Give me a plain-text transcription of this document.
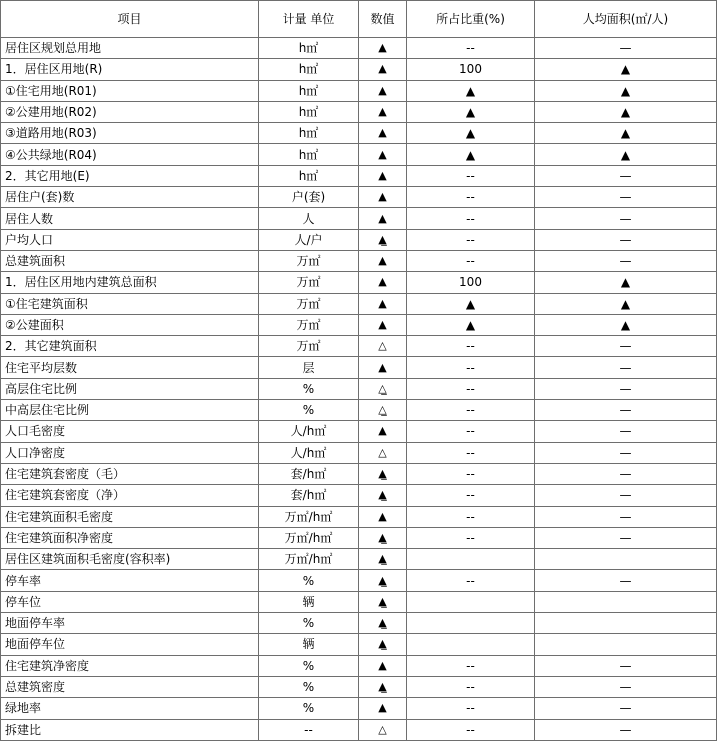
项目	计量 单位	数值	所占比重(%)	人均面积(㎡/人)
居住区规划总用地	h㎡	▲	--	—
1．居住区用地(R)	h㎡	▲	100	▲
①住宅用地(R01)	h㎡	▲	▲	▲
②公建用地(R02)	h㎡	▲	▲	▲
③道路用地(R03)	h㎡	▲	▲	▲
④公共绿地(R04)	h㎡	▲	▲	▲
2．其它用地(E)	h㎡	▲	--	—
居住户(套)数	户(套)	▲	--	—
居住人数	人	▲	--	—
户均人口	人/户	▲̲	--	—
总建筑面积	万㎡	▲	--	—
1．居住区用地内建筑总面积	万㎡	▲	100	▲
①住宅建筑面积	万㎡	▲	▲	▲
②公建面积	万㎡	▲	▲	▲
2．其它建筑面积	万㎡	△	--	—
住宅平均层数	层	▲	--	—
高层住宅比例	%	△̲	--	—
中高层住宅比例	%	△̲	--	—
人口毛密度	人/h㎡	▲	--	—
人口净密度	人/h㎡	△	--	—
住宅建筑套密度（毛）	套/h㎡	▲̲	--	—
住宅建筑套密度（净）	套/h㎡	▲̲	--	—
住宅建筑面积毛密度	万㎡/h㎡	▲	--	—
住宅建筑面积净密度	万㎡/h㎡	▲̲	--	—
居住区建筑面积毛密度(容积率)	万㎡/h㎡	▲̲		
停车率	%	▲̲	--	—
停车位	辆	▲̲		
地面停车率	%	▲̲		
地面停车位	辆	▲̲		
住宅建筑净密度	%	▲	--	—
总建筑密度	%	▲̲	--	—
绿地率	%	▲	--	—
拆建比	--	△	--	—
